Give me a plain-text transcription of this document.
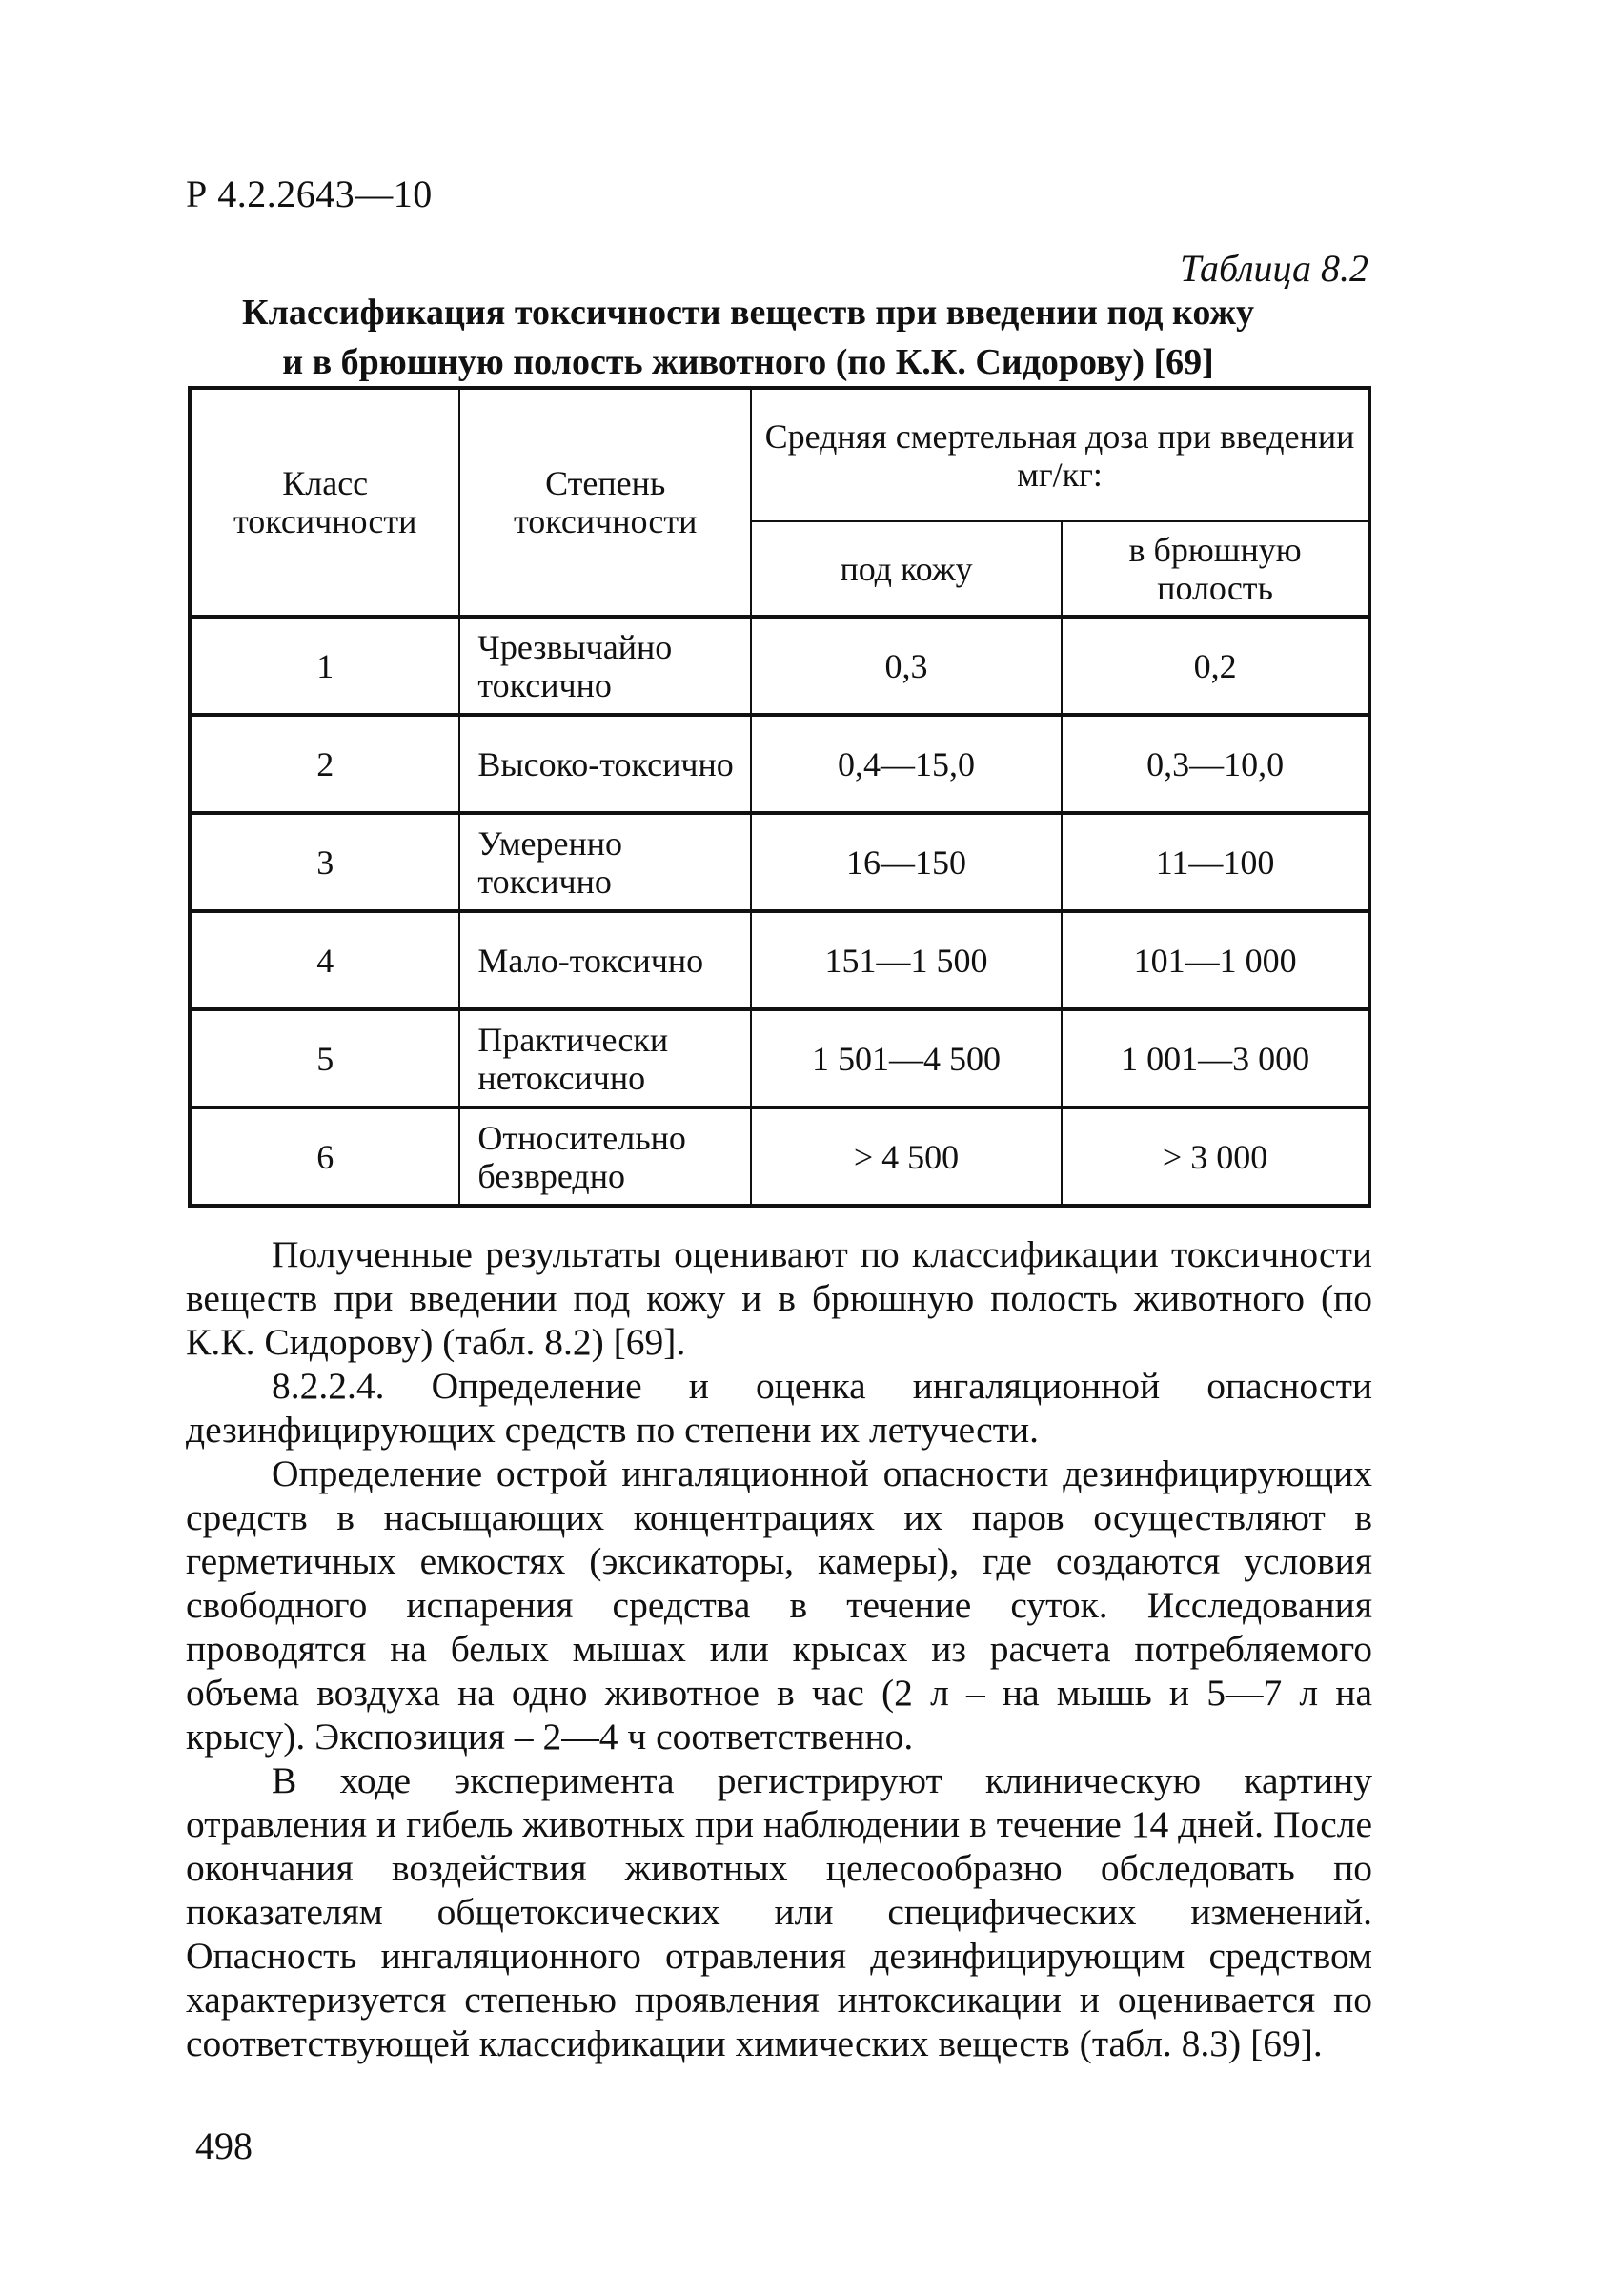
Р 4.2.2643—10
Таблица 8.2
Классификация токсичности веществ при введении под кожу
и в брюшную полость животного (по К.К. Сидорову) [69]
Класс токсичности	Степень токсичности	Средняя смертельная доза при введении мг/кг:	
		под кожу	в брюшную полость
1	Чрезвычайно токсично	0,3	0,2
2	Высоко-токсично	0,4—15,0	0,3—10,0
3	Умеренно токсично	16—150	11—100
4	Мало-токсично	151—1 500	101—1 000
5	Практически нетоксично	1 501—4 500	1 001—3 000
6	Относительно безвредно	> 4 500	> 3 000

Полученные результаты оценивают по классификации токсичности веществ при введении под кожу и в брюшную полость животного (по К.К. Сидорову) (табл. 8.2) [69].

8.2.2.4. Определение и оценка ингаляционной опасности дезинфицирующих средств по степени их летучести.

Определение острой ингаляционной опасности дезинфицирующих средств в насыщающих концентрациях их паров осуществляют в герметичных емкостях (эксикаторы, камеры), где создаются условия свободного испарения средства в течение суток. Исследования проводятся на белых мышах или крысах из расчета потребляемого объема воздуха на одно животное в час (2 л – на мышь и 5—7 л на крысу). Экспозиция – 2—4 ч соответственно.

В ходе эксперимента регистрируют клиническую картину отравления и гибель животных при наблюдении в течение 14 дней. После окончания воздействия животных целесообразно обследовать по показателям общетоксических или специфических изменений. Опасность ингаляционного отравления дезинфицирующим средством характеризуется степенью проявления интоксикации и оценивается по соответствующей классификации химических веществ (табл. 8.3) [69].

498
